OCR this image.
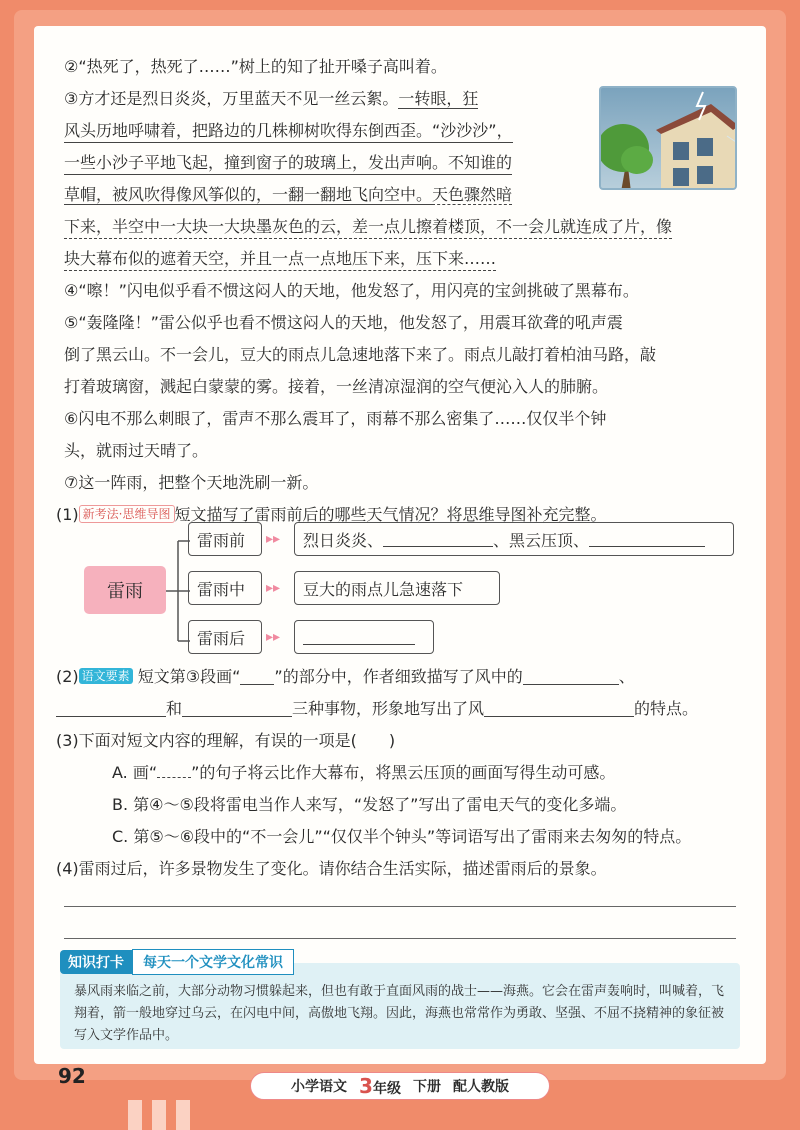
②“热死了，热死了……”树上的知了扯开嗓子高叫着。
③方才还是烈日炎炎，万里蓝天不见一丝云絮。一转眼，狂
风头历地呼啸着，把路边的几株柳树吹得东倒西歪。“沙沙沙”，
一些小沙子平地飞起，撞到窗子的玻璃上，发出声响。不知谁的
草帽，被风吹得像风筝似的，一翻一翻地飞向空中。天色骤然暗
下来，半空中一大块一大块墨灰色的云，差一点儿擦着楼顶，不一会儿就连成了片，像
块大幕布似的遮着天空，并且一点一点地压下来，压下来……
④“嚓！”闪电似乎看不惯这闷人的天地，他发怒了，用闪亮的宝剑挑破了黑幕布。
⑤“轰隆隆！”雷公似乎也看不惯这闷人的天地，他发怒了，用震耳欲聋的吼声震
倒了黑云山。不一会儿，豆大的雨点儿急速地落下来了。雨点儿敲打着柏油马路，敲
打着玻璃窗，溅起白蒙蒙的雾。接着，一丝清凉湿润的空气便沁入人的肺腑。
⑥闪电不那么刺眼了，雷声不那么震耳了，雨幕不那么密集了……仅仅半个钟
头，就雨过天晴了。
⑦这一阵雨，把整个天地洗刷一新。
(1) 新考法·思维导图 短文描写了雷雨前后的哪些天气情况？将思维导图补充完整。
雷雨
雷雨前
雷雨中
雷雨后
▸▸
▸▸
▸▸
烈日炎炎、	、黑云压顶、
豆大的雨点儿急速落下
(2) 语文要素 短文第③段画“ ”的部分中，作者细致描写了风中的	、
和	三种事物，形象地写出了风	的特点。
(3)下面对短文内容的理解，有误的一项是(　　)
A. 画“ ”的句子将云比作大幕布，将黑云压顶的画面写得生动可感。
B. 第④～⑤段将雷电当作人来写，“发怒了”写出了雷电天气的变化多端。
C. 第⑤～⑥段中的“不一会儿”“仅仅半个钟头”等词语写出了雷雨来去匆匆的特点。
(4)雷雨过后，许多景物发生了变化。请你结合生活实际，描述雷雨后的景象。
知识打卡	每天一个文学文化常识
暴风雨来临之前，大部分动物习惯躲起来，但也有敢于直面风雨的战士——海燕。它会在雷声轰响时，叫喊着，飞翔着，箭一般地穿过乌云，在闪电中间，高傲地飞翔。因此，海燕也常常作为勇敢、坚强、不屈不挠精神的象征被写入文学作品中。
92	小学语文 3年级 下册 配人教版
